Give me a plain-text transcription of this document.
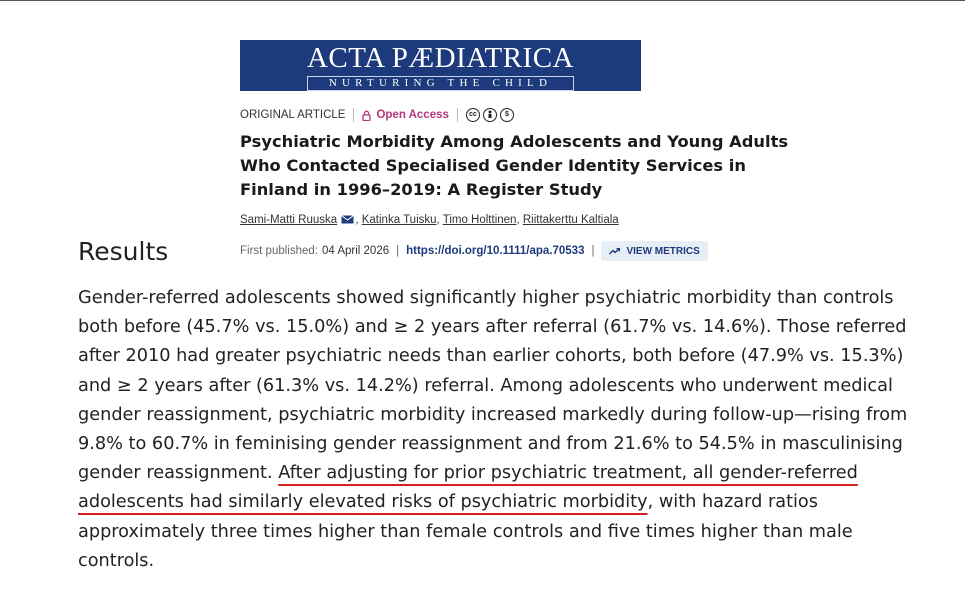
ACTA PÆDIATRICA
NURTURING THE CHILD
ORIGINAL ARTICLE	Open Access	cc	$
Psychiatric Morbidity Among Adolescents and Young Adults Who Contacted Specialised Gender Identity Services in Finland in 1996–2019: A Register Study
Sami-Matti Ruuska , Katinka Tuisku, Timo Holttinen, Riittakerttu Kaltiala
First published: 04 April 2026 | https://doi.org/10.1111/apa.70533 |	VIEW METRICS
Results

Gender-referred adolescents showed significantly higher psychiatric morbidity than controls both before (45.7% vs. 15.0%) and ≥ 2 years after referral (61.7% vs. 14.6%). Those referred after 2010 had greater psychiatric needs than earlier cohorts, both before (47.9% vs. 15.3%) and ≥ 2 years after (61.3% vs. 14.2%) referral. Among adolescents who underwent medical gender reassignment, psychiatric morbidity increased markedly during follow-up—rising from 9.8% to 60.7% in feminising gender reassignment and from 21.6% to 54.5% in masculinising gender reassignment. After adjusting for prior psychiatric treatment, all gender-referred adolescents had similarly elevated risks of psychiatric morbidity, with hazard ratios approximately three times higher than female controls and five times higher than male controls.
